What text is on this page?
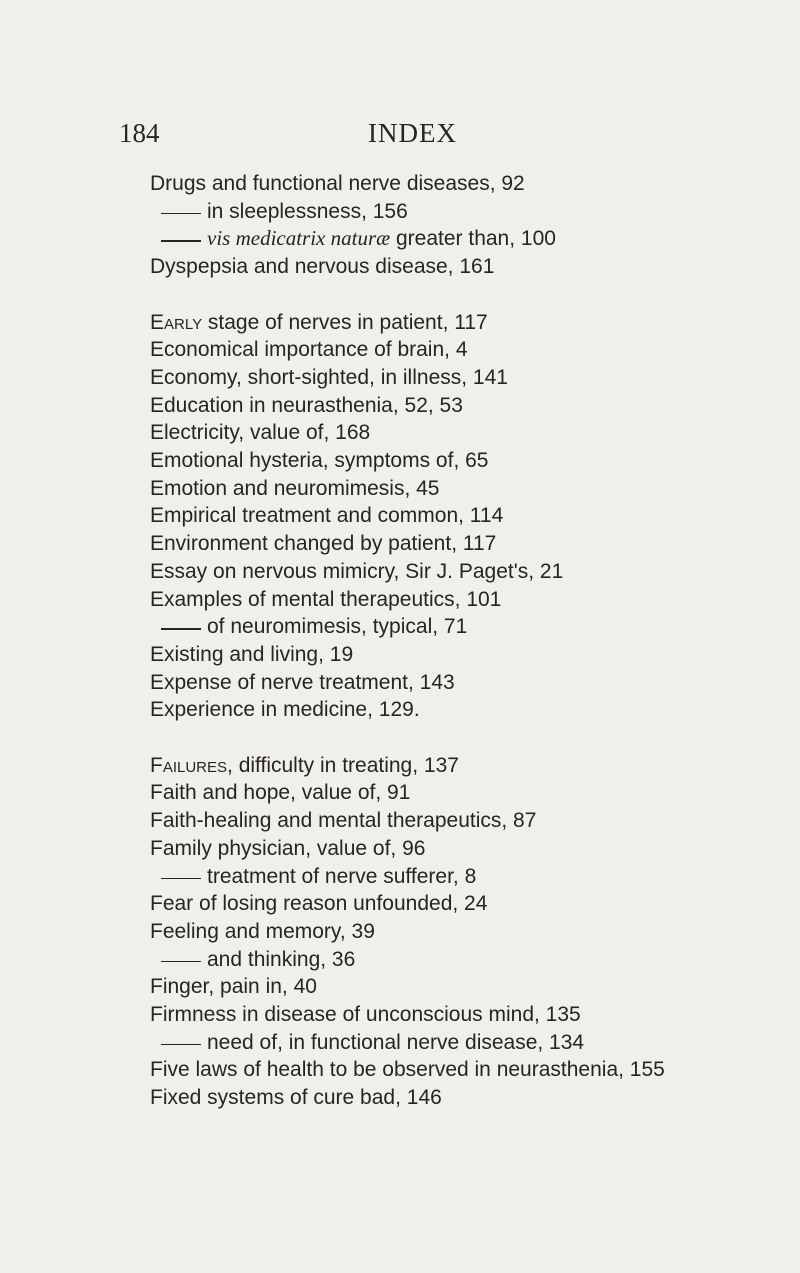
184	INDEX
Drugs and functional nerve diseases, 92
in sleeplessness, 156
vis medicatrix naturæ greater than, 100
Dyspepsia and nervous disease, 161
Early stage of nerves in patient, 117
Economical importance of brain, 4
Economy, short-sighted, in illness, 141
Education in neurasthenia, 52, 53
Electricity, value of, 168
Emotional hysteria, symptoms of, 65
Emotion and neuromimesis, 45
Empirical treatment and common, 114
Environment changed by patient, 117
Essay on nervous mimicry, Sir J. Paget's, 21
Examples of mental therapeutics, 101
of neuromimesis, typical, 71
Existing and living, 19
Expense of nerve treatment, 143
Experience in medicine, 129.
Failures, difficulty in treating, 137
Faith and hope, value of, 91
Faith-healing and mental therapeutics, 87
Family physician, value of, 96
treatment of nerve sufferer, 8
Fear of losing reason unfounded, 24
Feeling and memory, 39
and thinking, 36
Finger, pain in, 40
Firmness in disease of unconscious mind, 135
need of, in functional nerve disease, 134
Five laws of health to be observed in neurasthenia, 155
Fixed systems of cure bad, 146
